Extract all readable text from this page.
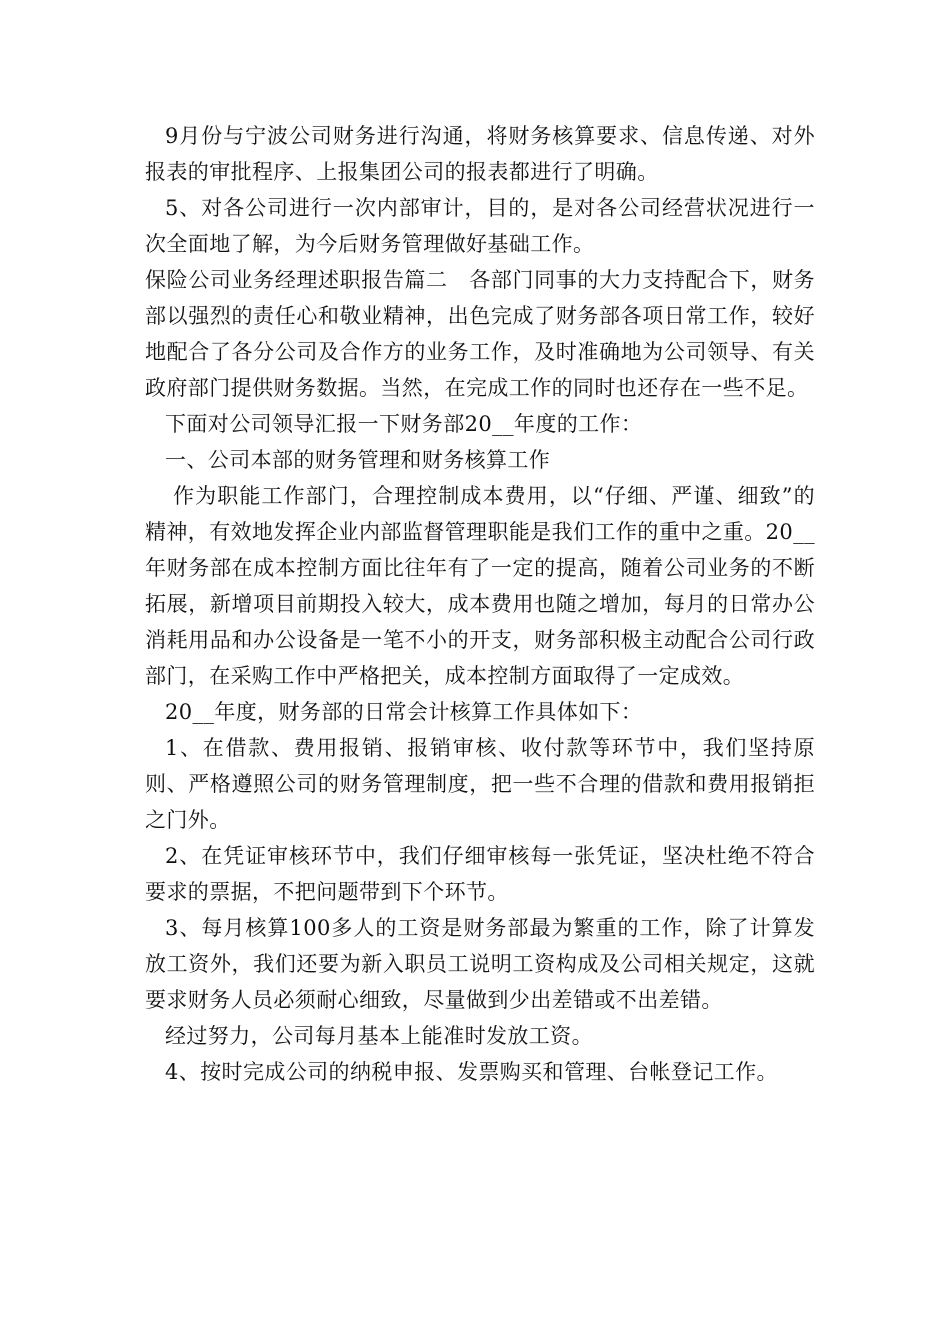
9月份与宁波公司财务进行沟通，将财务核算要求、信息传递、对外报表的审批程序、上报集团公司的报表都进行了明确。

5、对各公司进行一次内部审计，目的，是对各公司经营状况进行一次全面地了解，为今后财务管理做好基础工作。

保险公司业务经理述职报告篇二　各部门同事的大力支持配合下，财务部以强烈的责任心和敬业精神，出色完成了财务部各项日常工作，较好地配合了各分公司及合作方的业务工作，及时准确地为公司领导、有关政府部门提供财务数据。当然，在完成工作的同时也还存在一些不足。

下面对公司领导汇报一下财务部20__年度的工作：

一、公司本部的财务管理和财务核算工作

作为职能工作部门，合理控制成本费用，以“仔细、严谨、细致”的精神，有效地发挥企业内部监督管理职能是我们工作的重中之重。20__年财务部在成本控制方面比往年有了一定的提高，随着公司业务的不断拓展，新增项目前期投入较大，成本费用也随之增加，每月的日常办公消耗用品和办公设备是一笔不小的开支，财务部积极主动配合公司行政部门，在采购工作中严格把关，成本控制方面取得了一定成效。

20__年度，财务部的日常会计核算工作具体如下：

1、在借款、费用报销、报销审核、收付款等环节中，我们坚持原则、严格遵照公司的财务管理制度，把一些不合理的借款和费用报销拒之门外。

2、在凭证审核环节中，我们仔细审核每一张凭证，坚决杜绝不符合要求的票据，不把问题带到下个环节。

3、每月核算100多人的工资是财务部最为繁重的工作，除了计算发放工资外，我们还要为新入职员工说明工资构成及公司相关规定，这就要求财务人员必须耐心细致，尽量做到少出差错或不出差错。

经过努力，公司每月基本上能准时发放工资。

4、按时完成公司的纳税申报、发票购买和管理、台帐登记工作。
